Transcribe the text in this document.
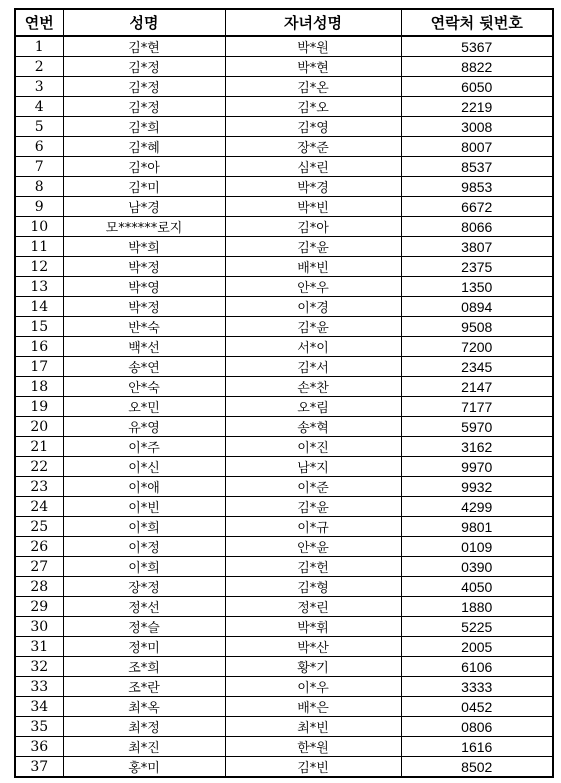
연번	성명	자녀성명	연락처 뒷번호
1	김*현	박*원	5367
2	김*정	박*현	8822
3	김*정	김*온	6050
4	김*정	김*오	2219
5	김*희	김*영	3008
6	김*혜	장*준	8007
7	김*아	심*린	8537
8	김*미	박*경	9853
9	남*경	박*빈	6672
10	모******로지	김*아	8066
11	박*희	김*윤	3807
12	박*정	배*빈	2375
13	박*영	안*우	1350
14	박*정	이*경	0894
15	반*숙	김*윤	9508
16	백*선	서*이	7200
17	송*연	김*서	2345
18	안*숙	손*찬	2147
19	오*민	오*림	7177
20	유*영	송*혁	5970
21	이*주	이*진	3162
22	이*신	남*지	9970
23	이*애	이*준	9932
24	이*빈	김*윤	4299
25	이*희	이*규	9801
26	이*정	안*윤	0109
27	이*희	김*헌	0390
28	장*정	김*형	4050
29	정*선	정*린	1880
30	정*슬	박*휘	5225
31	정*미	박*산	2005
32	조*희	황*기	6106
33	조*란	이*우	3333
34	최*옥	배*은	0452
35	최*정	최*빈	0806
36	최*진	한*원	1616
37	홍*미	김*빈	8502
